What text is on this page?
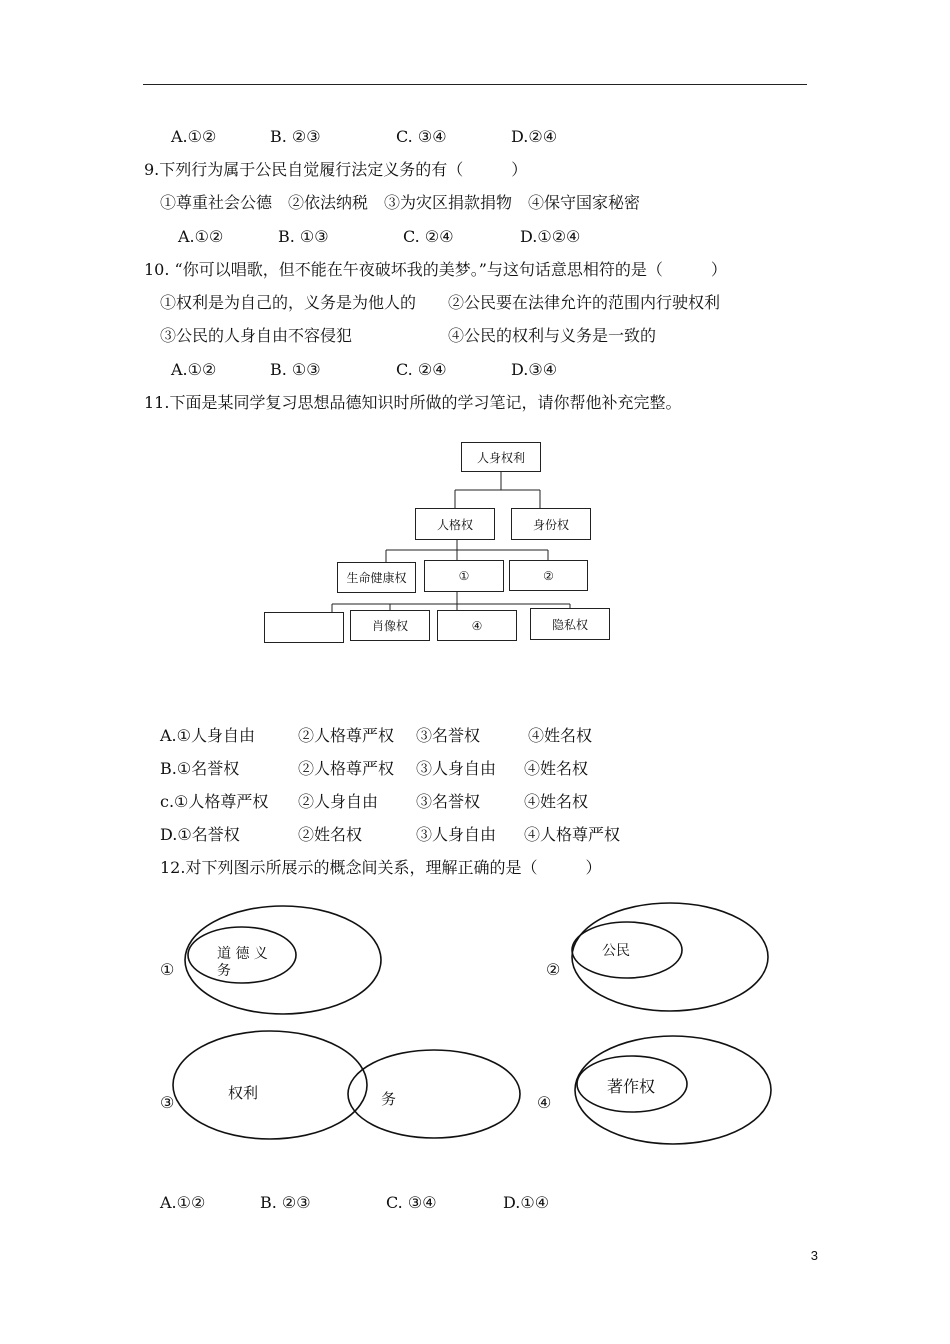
A.①②	B. ②③	C. ③④	D.②④
9.下列行为属于公民自觉履行法定义务的有（　　　）
①尊重社会公德　②依法纳税　③为灾区捐款捐物　④保守国家秘密
A.①②	B. ①③	C. ②④	D.①②④
10. “你可以唱歌，但不能在午夜破坏我的美梦。”与这句话意思相符的是（　　　）
①权利是为自己的，义务是为他人的 ②公民要在法律允许的范围内行驶权利
③公民的人身自由不容侵犯	④公民的权利与义务是一致的
A.①②	B. ①③	C. ②④	D.③④
11.下面是某同学复习思想品德知识时所做的学习笔记，请你帮他补充完整。
人身权利
人格权	身份权
生命健康权	①	②
肖像权	④	隐私权
A.①人身自由	②人格尊严权 ③名誉权	④姓名权
B.①名誉权	②人格尊严权 ③人身自由 ④姓名权
c.①人格尊严权 ②人身自由 ③名誉权	④姓名权
D.①名誉权	②姓名权	③人身自由 ④人格尊严权
12.对下列图示所展示的概念间关系，理解正确的是（　　　）
①
道 德 义
务	②
公民
③	权利	务	④
著作权
A.①②	B. ②③	C. ③④	D.①④
3
